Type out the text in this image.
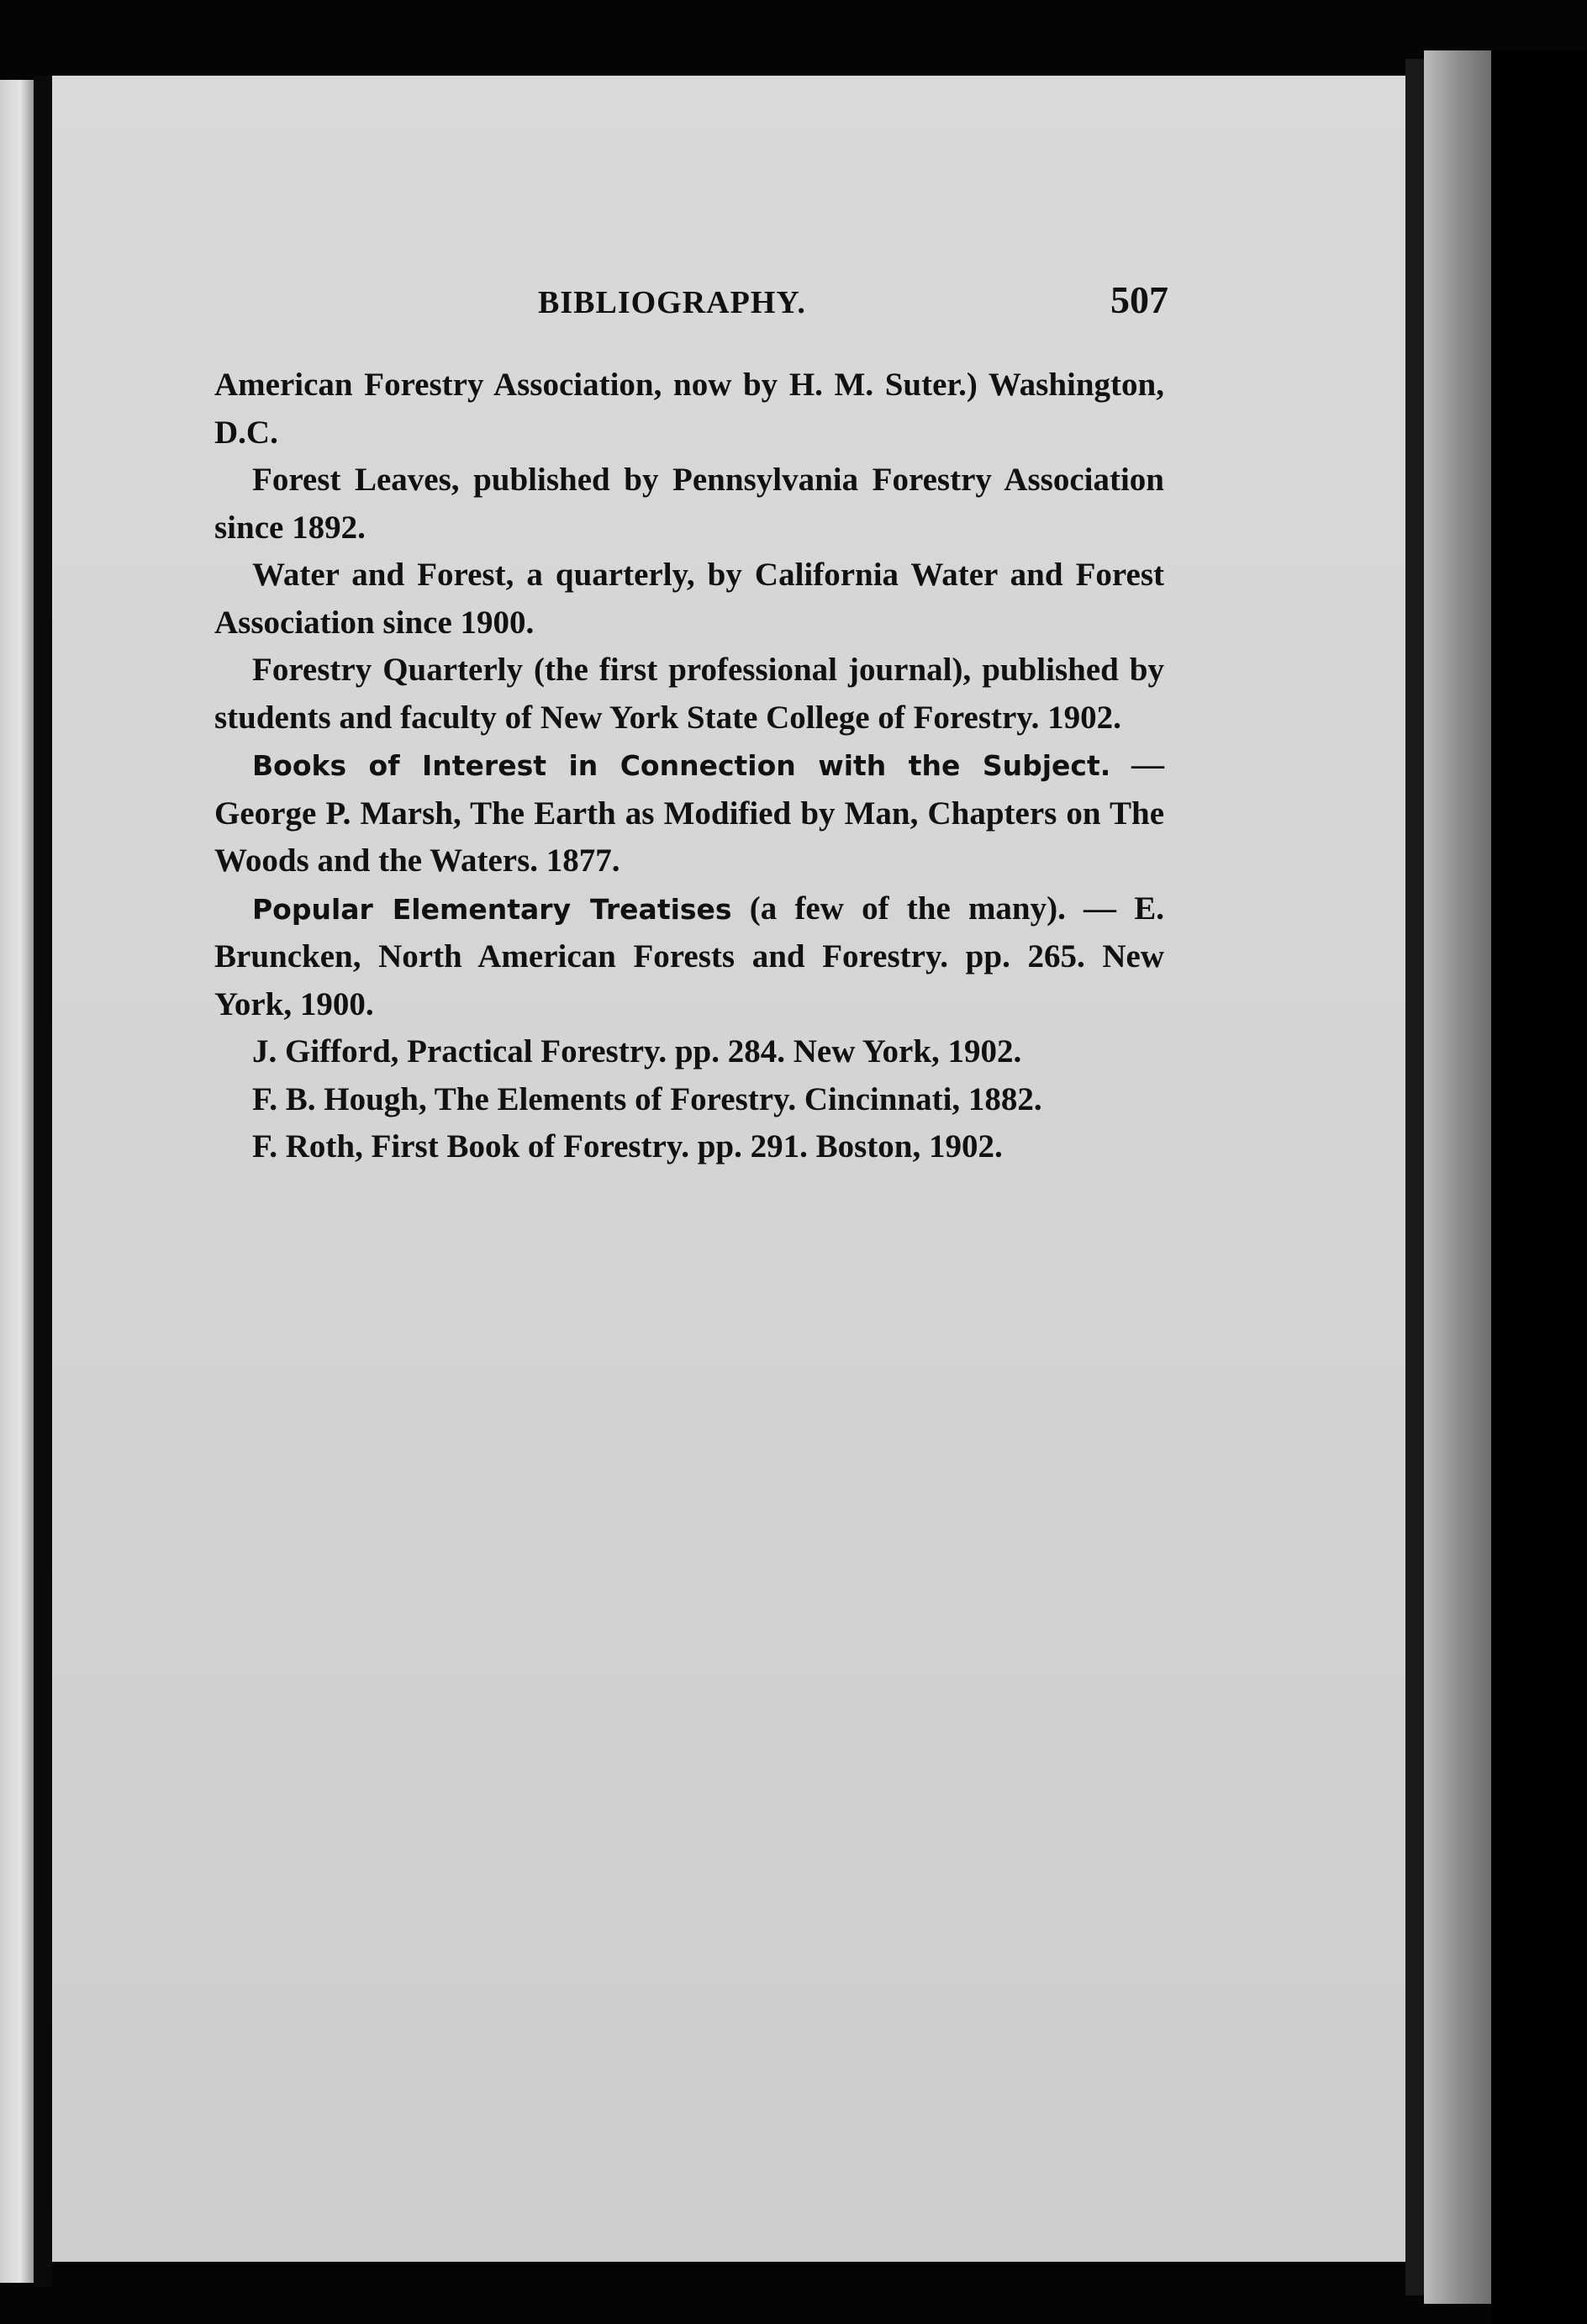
BIBLIOGRAPHY.	507

American Forestry Association, now by H. M. Suter.) Washington, D.C.

Forest Leaves, published by Pennsylvania Forestry Association since 1892.

Water and Forest, a quarterly, by California Water and Forest Association since 1900.

Forestry Quarterly (the first professional journal), published by students and faculty of New York State College of Forestry. 1902.

Books of Interest in Connection with the Subject. — George P. Marsh, The Earth as Modified by Man, Chapters on The Woods and the Waters. 1877.

Popular Elementary Treatises (a few of the many). — E. Bruncken, North American Forests and Forestry. pp. 265. New York, 1900.

J. Gifford, Practical Forestry. pp. 284. New York, 1902.

F. B. Hough, The Elements of Forestry. Cincinnati, 1882.

F. Roth, First Book of Forestry. pp. 291. Boston, 1902.
